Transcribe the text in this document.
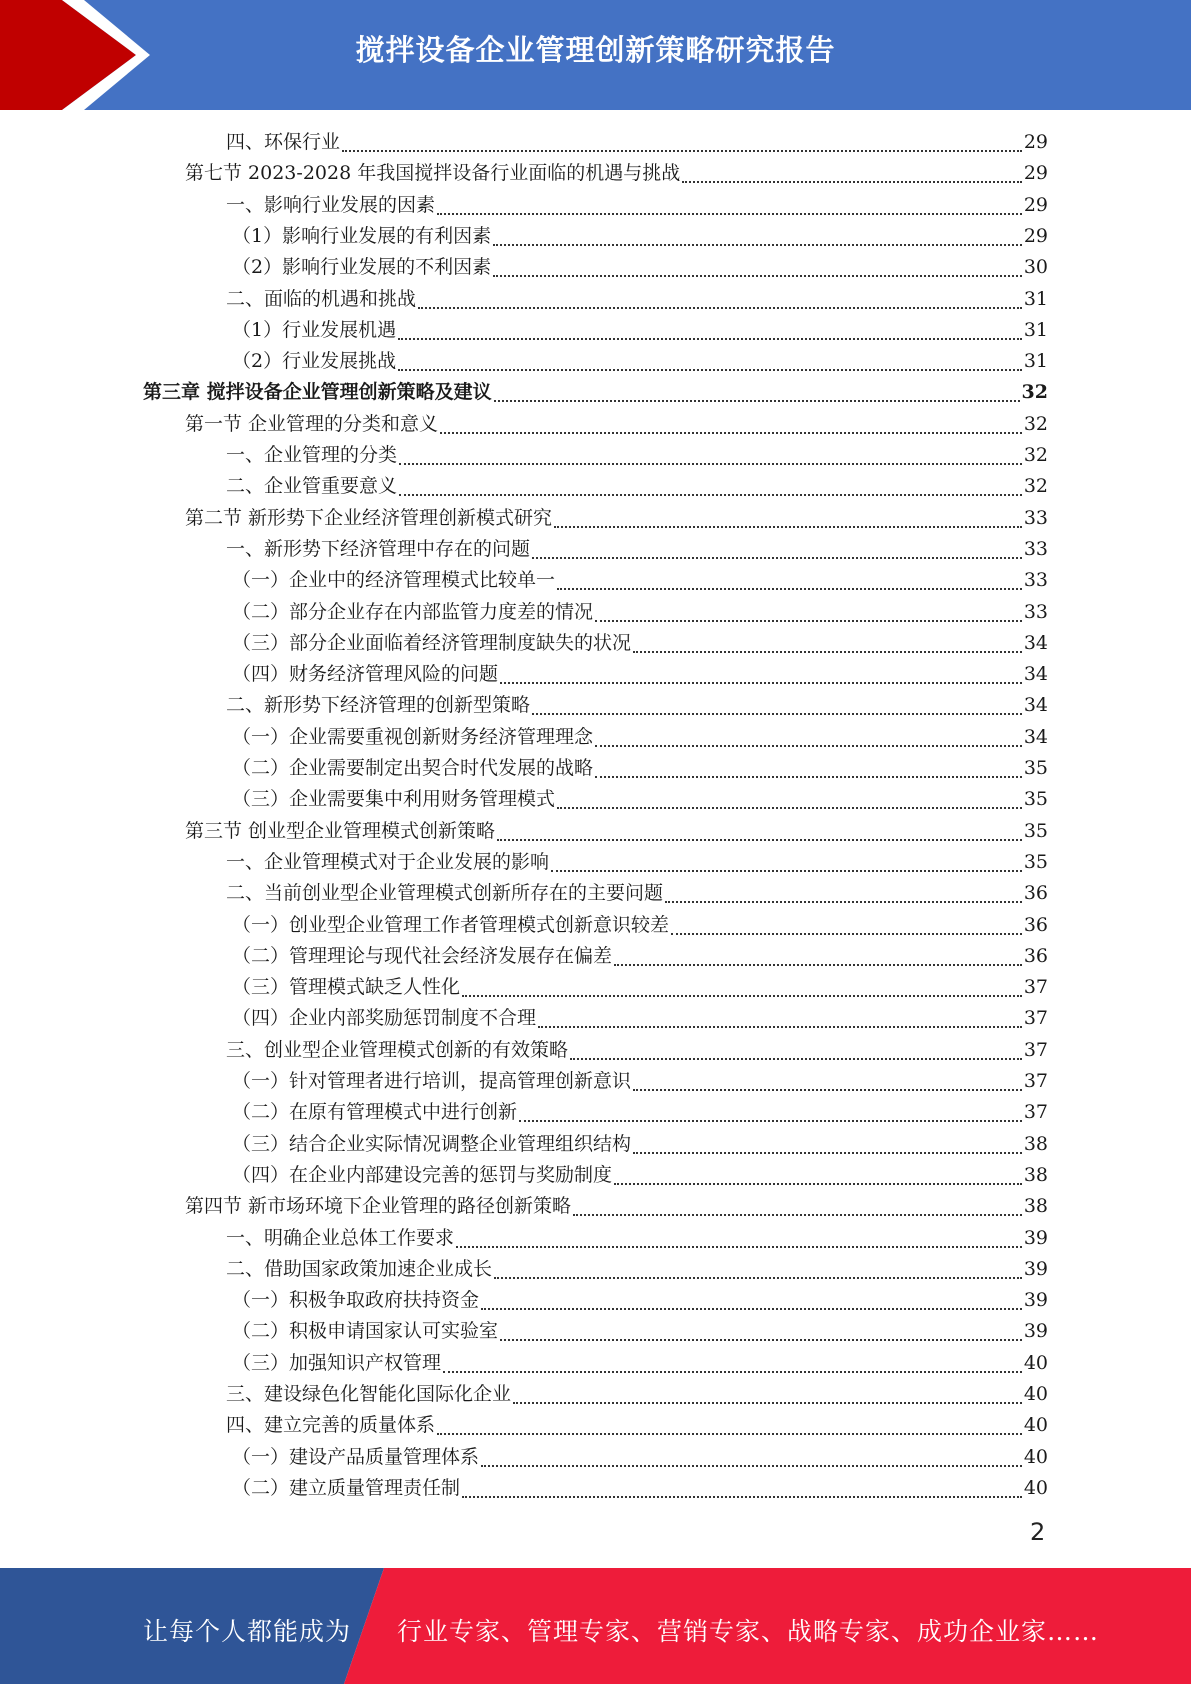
搅拌设备企业管理创新策略研究报告
四、环保行业	29
第七节 2023-2028 年我国搅拌设备行业面临的机遇与挑战	29
一、影响行业发展的因素	29
（1）影响行业发展的有利因素	29
（2）影响行业发展的不利因素	30
二、面临的机遇和挑战	31
（1）行业发展机遇	31
（2）行业发展挑战	31
第三章 搅拌设备企业管理创新策略及建议	32
第一节 企业管理的分类和意义	32
一、企业管理的分类	32
二、企业管重要意义	32
第二节 新形势下企业经济管理创新模式研究	33
一、新形势下经济管理中存在的问题	33
（一）企业中的经济管理模式比较单一	33
（二）部分企业存在内部监管力度差的情况	33
（三）部分企业面临着经济管理制度缺失的状况	34
（四）财务经济管理风险的问题	34
二、新形势下经济管理的创新型策略	34
（一）企业需要重视创新财务经济管理理念	34
（二）企业需要制定出契合时代发展的战略	35
（三）企业需要集中利用财务管理模式	35
第三节 创业型企业管理模式创新策略	35
一、企业管理模式对于企业发展的影响	35
二、当前创业型企业管理模式创新所存在的主要问题	36
（一）创业型企业管理工作者管理模式创新意识较差	36
（二）管理理论与现代社会经济发展存在偏差	36
（三）管理模式缺乏人性化	37
（四）企业内部奖励惩罚制度不合理	37
三、创业型企业管理模式创新的有效策略	37
（一）针对管理者进行培训，提高管理创新意识	37
（二）在原有管理模式中进行创新	37
（三）结合企业实际情况调整企业管理组织结构	38
（四）在企业内部建设完善的惩罚与奖励制度	38
第四节 新市场环境下企业管理的路径创新策略	38
一、明确企业总体工作要求	39
二、借助国家政策加速企业成长	39
（一）积极争取政府扶持资金	39
（二）积极申请国家认可实验室	39
（三）加强知识产权管理	40
三、建设绿色化智能化国际化企业	40
四、建立完善的质量体系	40
（一）建设产品质量管理体系	40
（二）建立质量管理责任制	40
2
让每个人都能成为 行业专家、管理专家、营销专家、战略专家、成功企业家……
